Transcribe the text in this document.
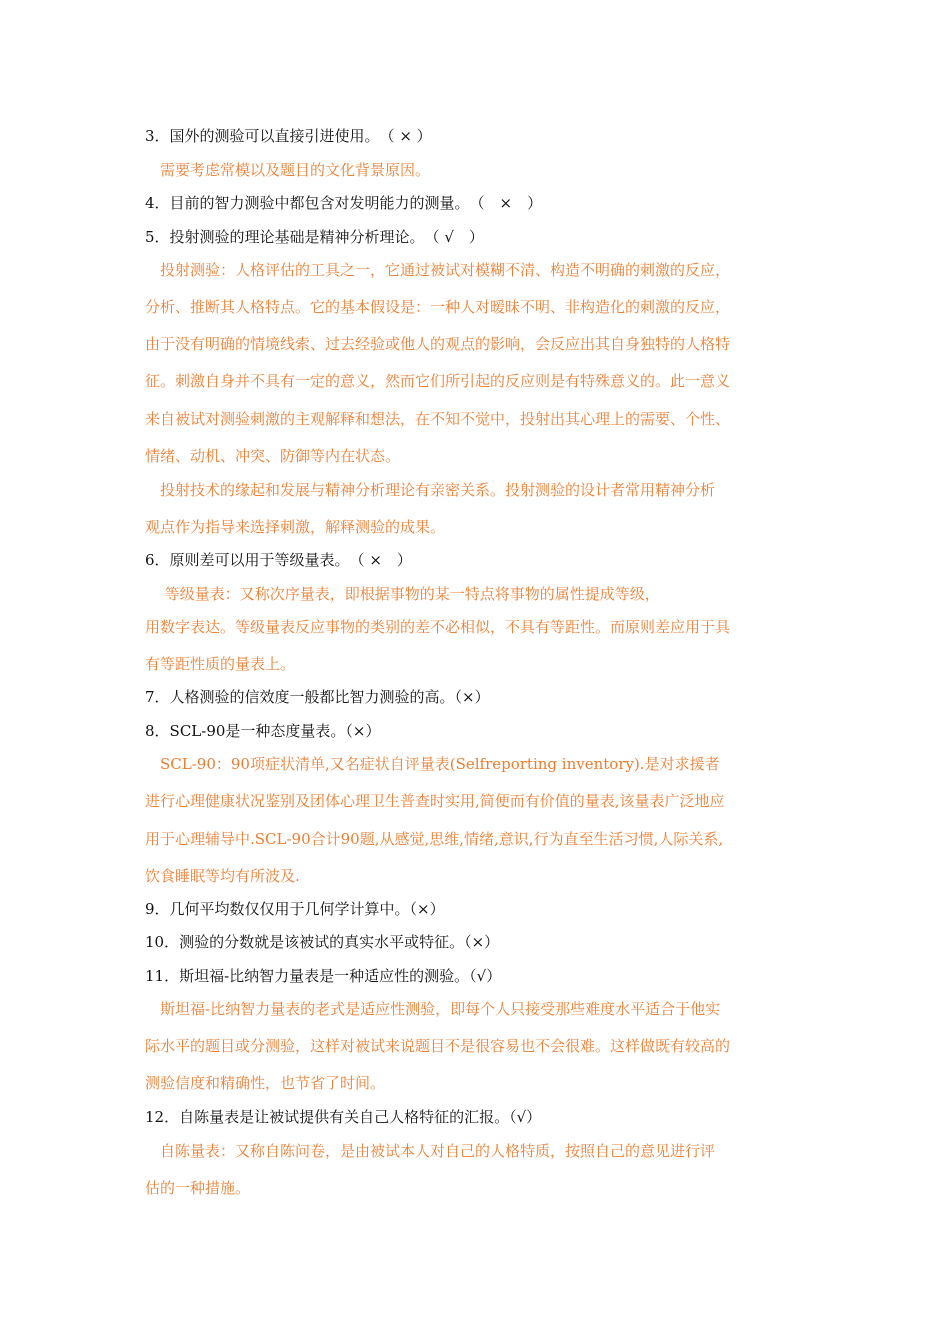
3．国外的测验可以直接引进使用。　（ × ）
　需要考虑常模以及题目的文化背景原因。
4．目前的智力测验中都包含对发明能力的测量。　（　×　）
5．投射测验的理论基础是精神分析理论。　（ √　）
　投射测验：人格评估的工具之一，它通过被试对模糊不清、构造不明确的刺激的反应，
分析、推断其人格特点。它的基本假设是：一种人对暧昧不明、非构造化的刺激的反应，
由于没有明确的情境线索、过去经验或他人的观点的影响，会反应出其自身独特的人格特
征。刺激自身并不具有一定的意义，然而它们所引起的反应则是有特殊意义的。此一意义
来自被试对测验刺激的主观解释和想法，在不知不觉中，投射出其心理上的需要、个性、
情绪、动机、冲突、防御等内在状态。
　投射技术的缘起和发展与精神分析理论有亲密关系。投射测验的设计者常用精神分析
观点作为指导来选择刺激，解释测验的成果。
6．原则差可以用于等级量表。　（ ×　）
　 等级量表：又称次序量表，即根据事物的某一特点将事物的属性提成等级，
用数字表达。等级量表反应事物的类别的差不必相似，不具有等距性。而原则差应用于具
有等距性质的量表上。
7．人格测验的信效度一般都比智力测验的高。（×）
8．SCL-90是一种态度量表。（×）
　SCL-90：90项症状清单,又名症状自评量表(Selfreporting inventory).是对求援者
进行心理健康状况鉴别及团体心理卫生普查时实用,简便而有价值的量表,该量表广泛地应
用于心理辅导中.SCL-90合计90题,从感觉,思维,情绪,意识,行为直至生活习惯,人际关系,
饮食睡眠等均有所波及.
9．几何平均数仅仅用于几何学计算中。（×）
10．测验的分数就是该被试的真实水平或特征。（×）
11．斯坦福-比纳智力量表是一种适应性的测验。（√）
　斯坦福-比纳智力量表的老式是适应性测验，即每个人只接受那些难度水平适合于他实
际水平的题目或分测验，这样对被试来说题目不是很容易也不会很难。这样做既有较高的
测验信度和精确性，也节省了时间。
12．自陈量表是让被试提供有关自己人格特征的汇报。（√）
　自陈量表：又称自陈问卷，是由被试本人对自己的人格特质，按照自己的意见进行评
估的一种措施。
